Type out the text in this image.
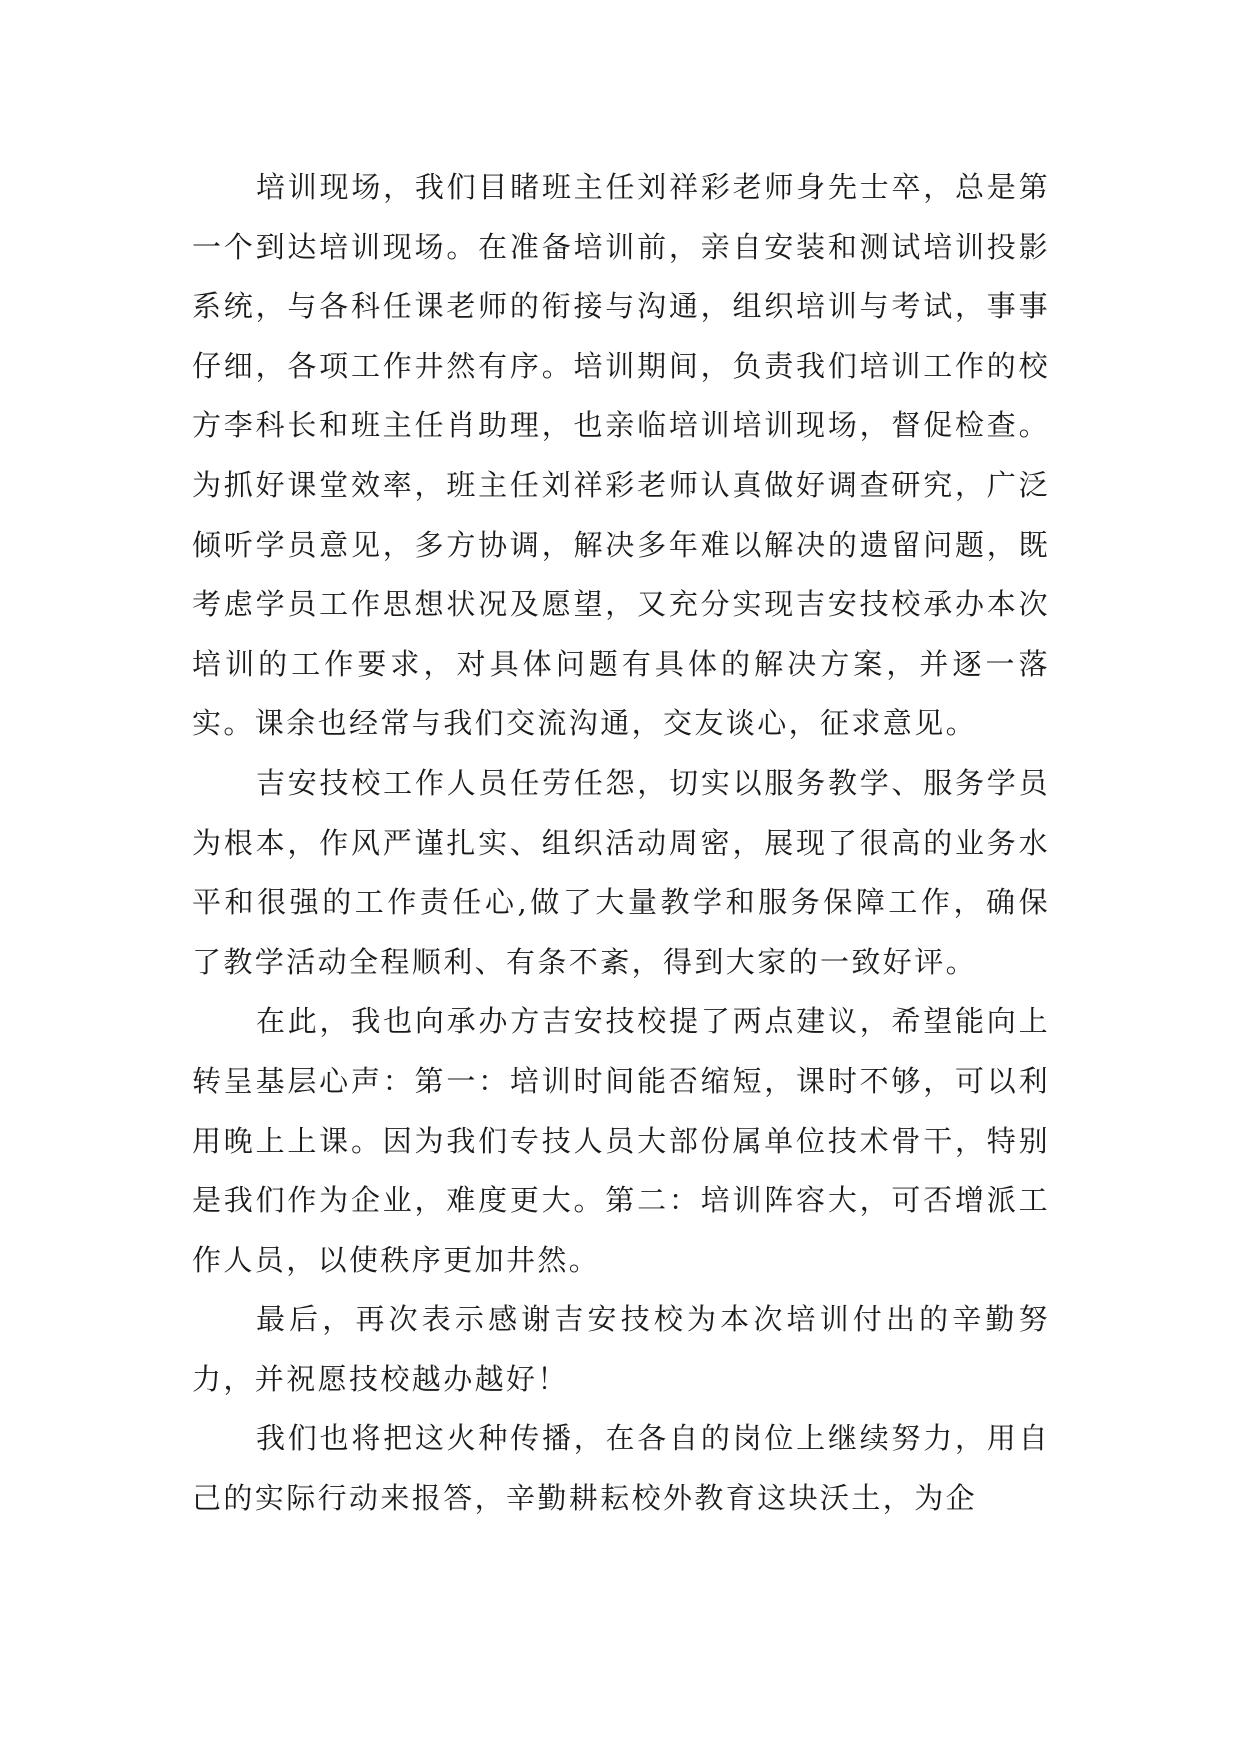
培训现场，我们目睹班主任刘祥彩老师身先士卒，总是第一个到达培训现场。在准备培训前，亲自安装和测试培训投影系统，与各科任课老师的衔接与沟通，组织培训与考试，事事仔细，各项工作井然有序。培训期间，负责我们培训工作的校方李科长和班主任肖助理，也亲临培训培训现场，督促检查。为抓好课堂效率，班主任刘祥彩老师认真做好调查研究，广泛倾听学员意见，多方协调，解决多年难以解决的遗留问题，既考虑学员工作思想状况及愿望，又充分实现吉安技校承办本次培训的工作要求，对具体问题有具体的解决方案，并逐一落实。课余也经常与我们交流沟通，交友谈心，征求意见。

吉安技校工作人员任劳任怨，切实以服务教学、服务学员为根本，作风严谨扎实、组织活动周密，展现了很高的业务水平和很强的工作责任心,做了大量教学和服务保障工作，确保了教学活动全程顺利、有条不紊，得到大家的一致好评。

在此，我也向承办方吉安技校提了两点建议，希望能向上转呈基层心声：第一：培训时间能否缩短，课时不够，可以利用晚上上课。因为我们专技人员大部份属单位技术骨干，特别是我们作为企业，难度更大。第二：培训阵容大，可否增派工作人员，以使秩序更加井然。

最后，再次表示感谢吉安技校为本次培训付出的辛勤努力，并祝愿技校越办越好！

我们也将把这火种传播，在各自的岗位上继续努力，用自己的实际行动来报答，辛勤耕耘校外教育这块沃土，为企
